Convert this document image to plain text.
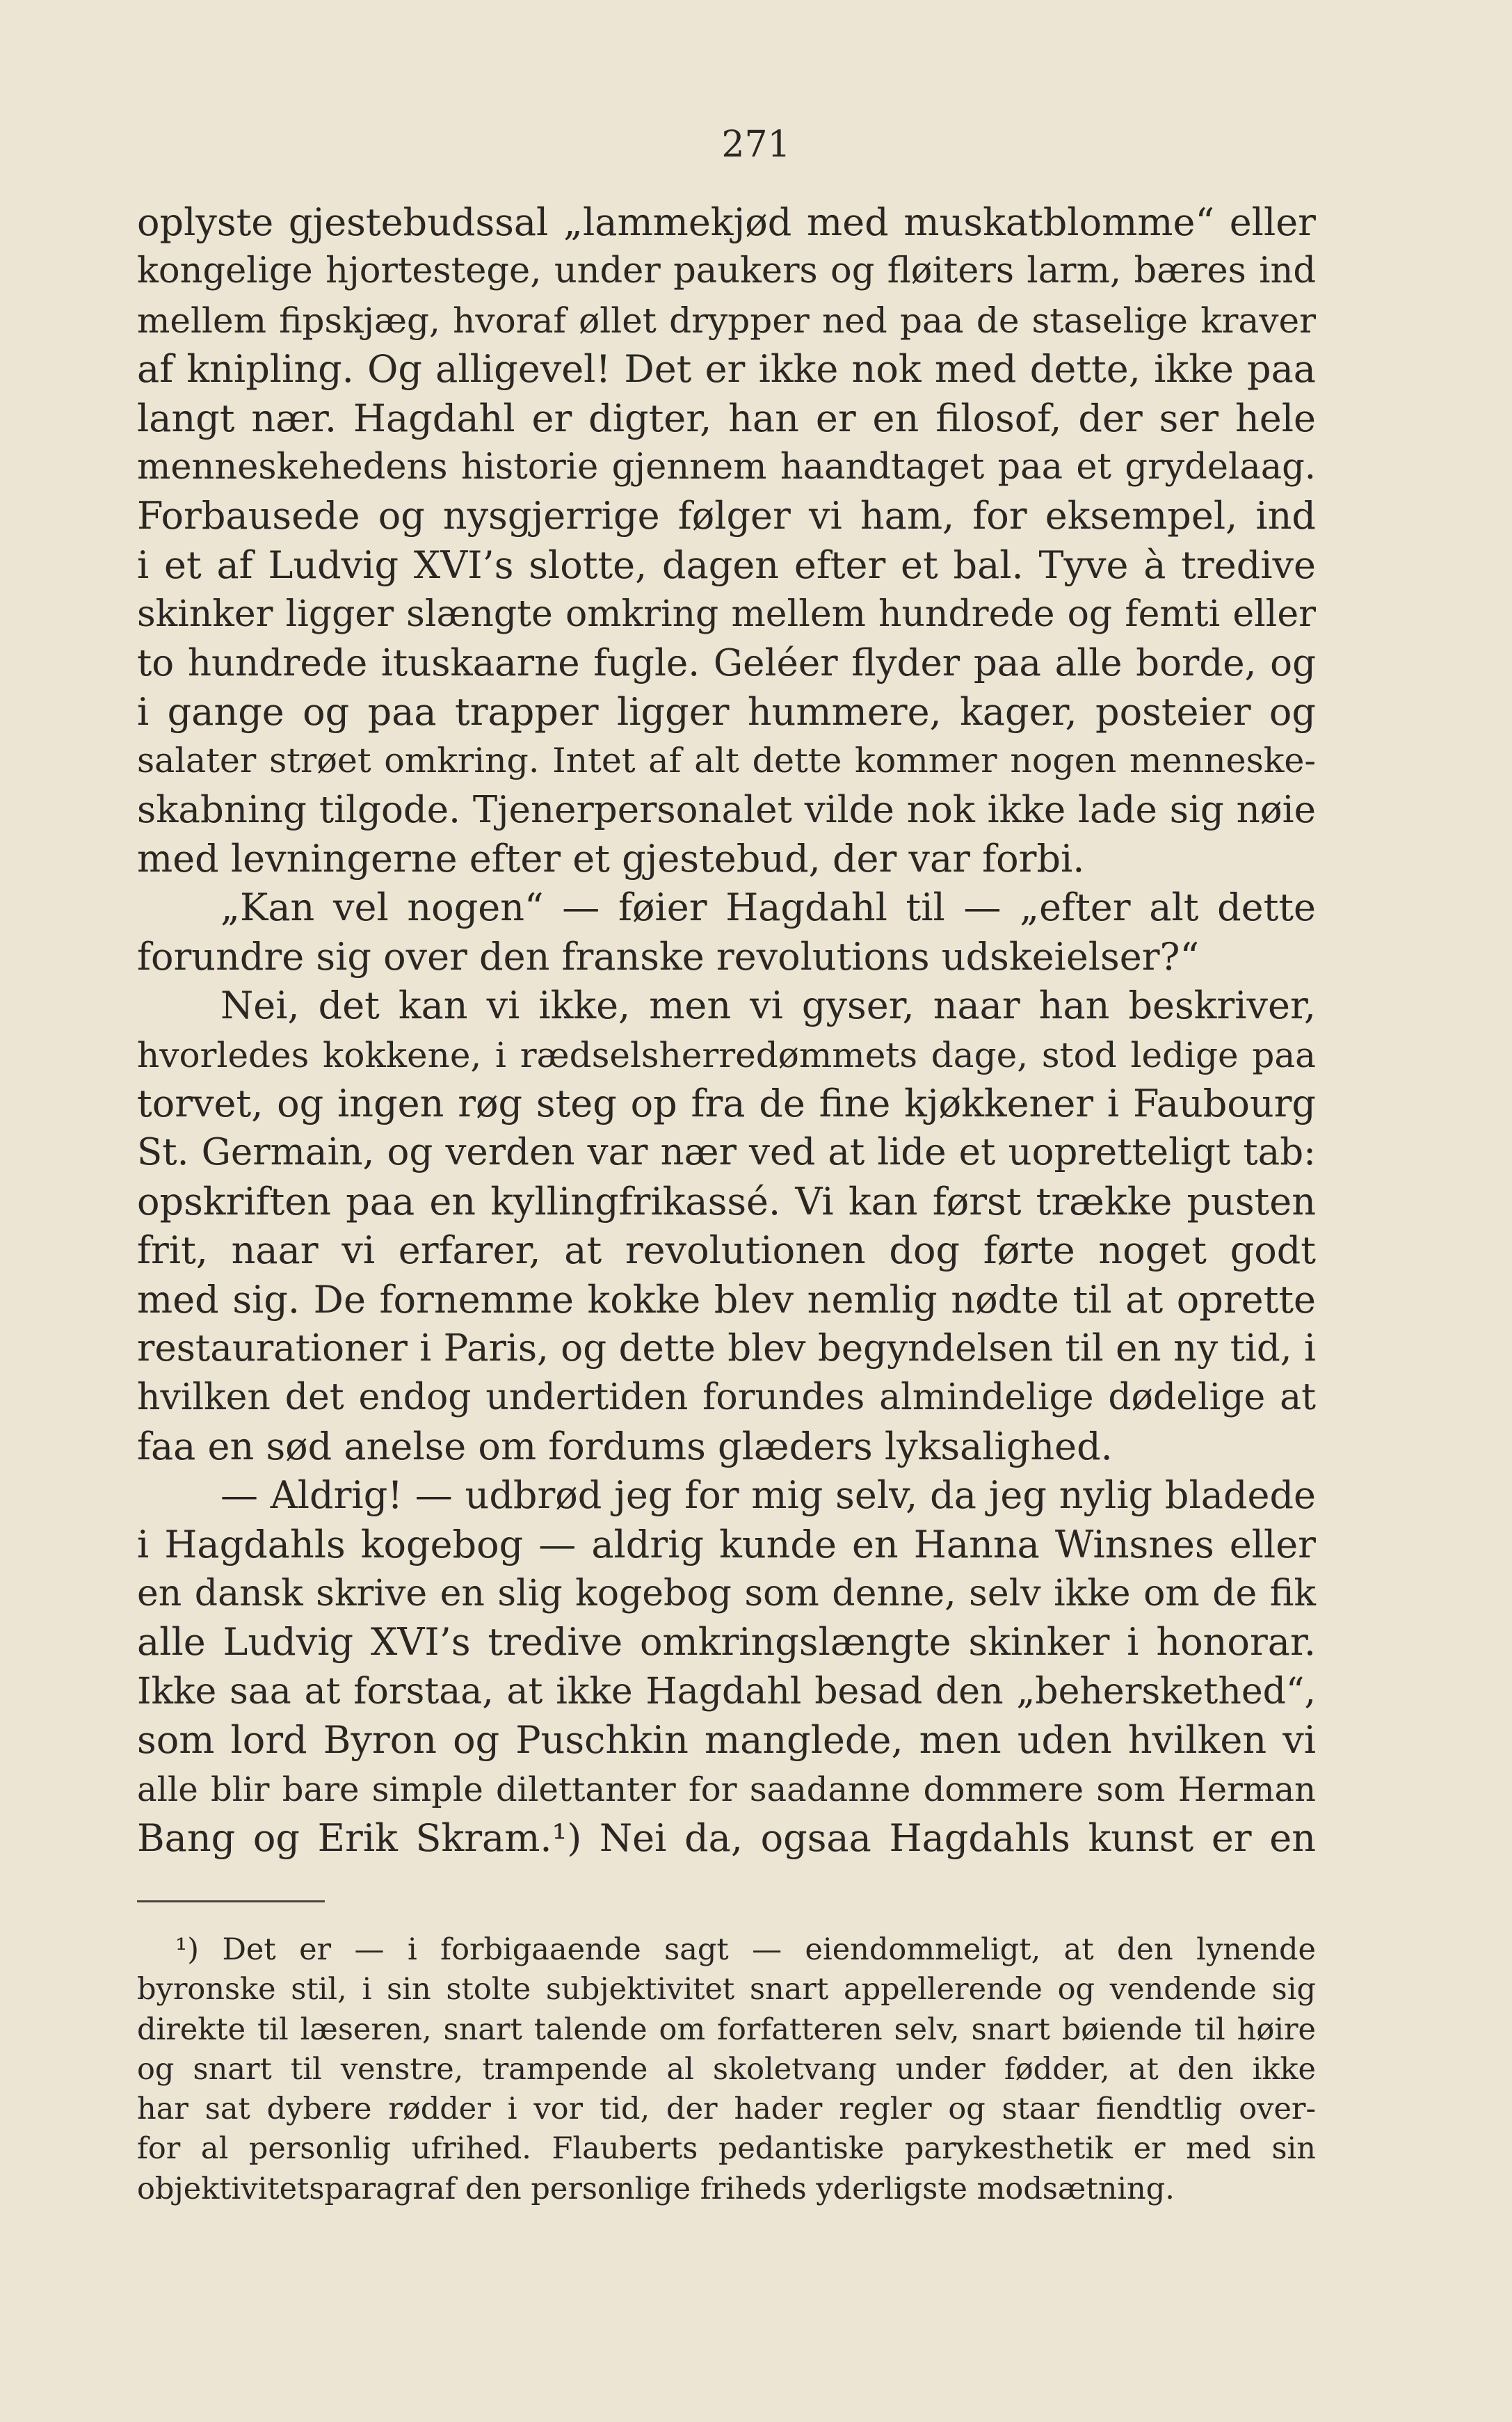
271
oplyste gjestebudssal „lammekjød med muskatblomme“ eller
kongelige hjortestege, under paukers og fløiters larm, bæres ind
mellem fipskjæg, hvoraf øllet drypper ned paa de staselige kraver
af knipling. Og alligevel! Det er ikke nok med dette, ikke paa
langt nær. Hagdahl er digter, han er en filosof, der ser hele
menneskehedens historie gjennem haandtaget paa et grydelaag.
Forbausede og nysgjerrige følger vi ham, for eksempel, ind
i et af Ludvig XVI’s slotte, dagen efter et bal. Tyve à tredive
skinker ligger slængte omkring mellem hundrede og femti eller
to hundrede ituskaarne fugle. Geléer flyder paa alle borde, og
i gange og paa trapper ligger hummere, kager, posteier og
salater strøet omkring. Intet af alt dette kommer nogen menneske-
skabning tilgode. Tjenerpersonalet vilde nok ikke lade sig nøie
med levningerne efter et gjestebud, der var forbi.
„Kan vel nogen“ — føier Hagdahl til — „efter alt dette
forundre sig over den franske revolutions udskeielser?“
Nei, det kan vi ikke, men vi gyser, naar han beskriver,
hvorledes kokkene, i rædselsherredømmets dage, stod ledige paa
torvet, og ingen røg steg op fra de fine kjøkkener i Faubourg
St. Germain, og verden var nær ved at lide et uopretteligt tab:
opskriften paa en kyllingfrikassé. Vi kan først trække pusten
frit, naar vi erfarer, at revolutionen dog førte noget godt
med sig. De fornemme kokke blev nemlig nødte til at oprette
restaurationer i Paris, og dette blev begyndelsen til en ny tid, i
hvilken det endog undertiden forundes almindelige dødelige at
faa en sød anelse om fordums glæders lyksalighed.
— Aldrig! — udbrød jeg for mig selv, da jeg nylig bladede
i Hagdahls kogebog — aldrig kunde en Hanna Winsnes eller
en dansk skrive en slig kogebog som denne, selv ikke om de fik
alle Ludvig XVI’s tredive omkringslængte skinker i honorar.
Ikke saa at forstaa, at ikke Hagdahl besad den „beherskethed“,
som lord Byron og Puschkin manglede, men uden hvilken vi
alle blir bare simple dilettanter for saadanne dommere som Herman
Bang og Erik Skram.¹) Nei da, ogsaa Hagdahls kunst er en
¹) Det er — i forbigaaende sagt — eiendommeligt, at den lynende
byronske stil, i sin stolte subjektivitet snart appellerende og vendende sig
direkte til læseren, snart talende om forfatteren selv, snart bøiende til høire
og snart til venstre, trampende al skoletvang under fødder, at den ikke
har sat dybere rødder i vor tid, der hader regler og staar fiendtlig over-
for al personlig ufrihed. Flauberts pedantiske parykesthetik er med sin
objektivitetsparagraf den personlige friheds yderligste modsætning.
